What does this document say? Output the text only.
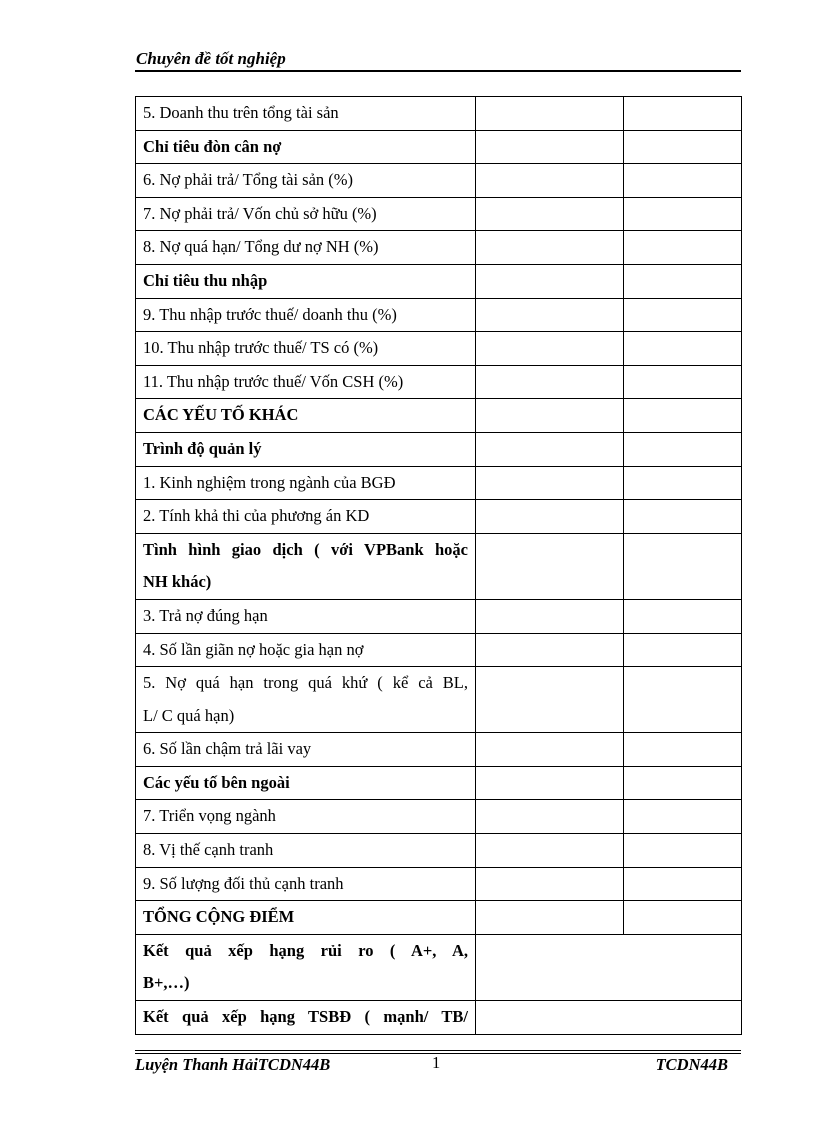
Chuyên đề tốt nghiệp
5. Doanh thu trên tổng tài sản		
Chỉ tiêu đòn cân nợ		
6. Nợ phải trả/ Tổng tài sản (%)		
7. Nợ phải trả/ Vốn chủ sở hữu (%)		
8. Nợ quá hạn/ Tổng dư nợ NH (%)		
Chỉ tiêu thu nhập		
9. Thu nhập trước thuế/ doanh thu (%)		
10. Thu nhập trước thuế/ TS có (%)		
11. Thu nhập trước thuế/ Vốn CSH (%)		
CÁC YẾU TỐ KHÁC		
Trình độ quản lý		
1. Kinh nghiệm trong ngành của BGĐ		
2. Tính khả thi của phương án KD		

Tình hình giao dịch ( với VPBank hoặc
NH khác)		

3. Trả nợ đúng hạn		
4. Số lần giãn nợ hoặc gia hạn nợ		

5. Nợ quá hạn trong quá khứ ( kể cả BL,
L/ C quá hạn)		

6. Số lần chậm trả lãi vay		
Các yếu tố bên ngoài		
7. Triển vọng ngành		
8. Vị thế cạnh tranh		
9. Số lượng đối thủ cạnh tranh		
TỔNG CỘNG ĐIỂM		

Kết quả xếp hạng rủi ro ( A+, A,
B+,…)		

Kết quả xếp hạng TSBĐ ( mạnh/ TB/		

Luyện Thanh HảiTCDN44B	1	TCDN44B
